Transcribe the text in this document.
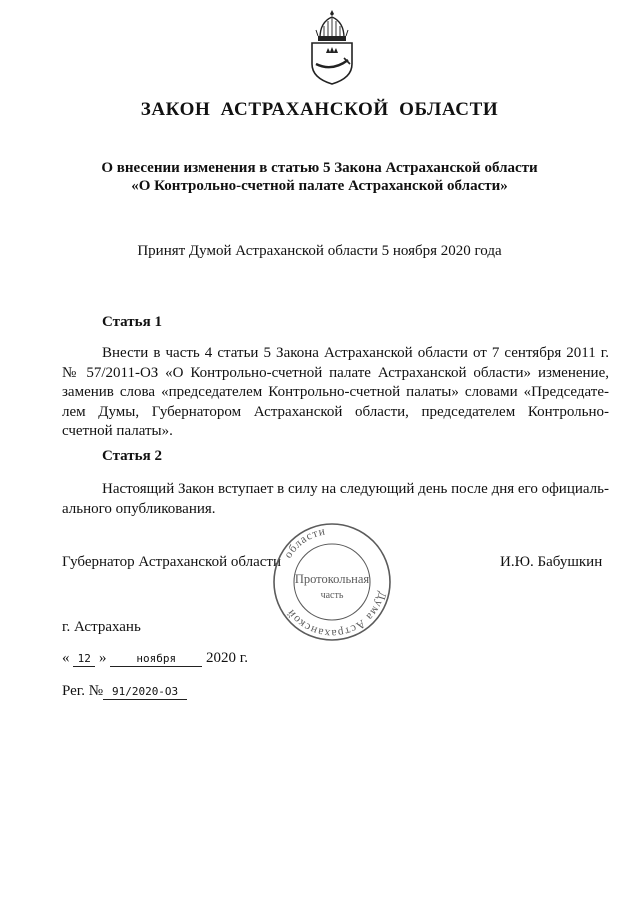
ЗАКОН АСТРАХАНСКОЙ ОБЛАСТИ
О внесении изменения в статью 5 Закона Астраханской области
«О Контрольно-счетной палате Астраханской области»
Принят Думой Астраханской области 5 ноября 2020 года
Статья 1
Внести в часть 4 статьи 5 Закона Астраханской области от 7 сентября 2011 г.
№ 57/2011-ОЗ «О Контрольно-счетной палате Астраханской области» изменение,
заменив слова «председателем Контрольно-счетной палаты» словами «Председате-
лем Думы, Губернатором Астраханской области, председателем Контрольно-
счетной палаты».
Статья 2
Настоящий Закон вступает в силу на следующий день после дня его официаль-
ального опубликования.
Губернатор Астраханской области	И.Ю. Бабушкин
Дума Астраханской
области
Протокольная
часть
г. Астрахань
« 12 »	ноября 2020 г.
Рег. № 91/2020-ОЗ
